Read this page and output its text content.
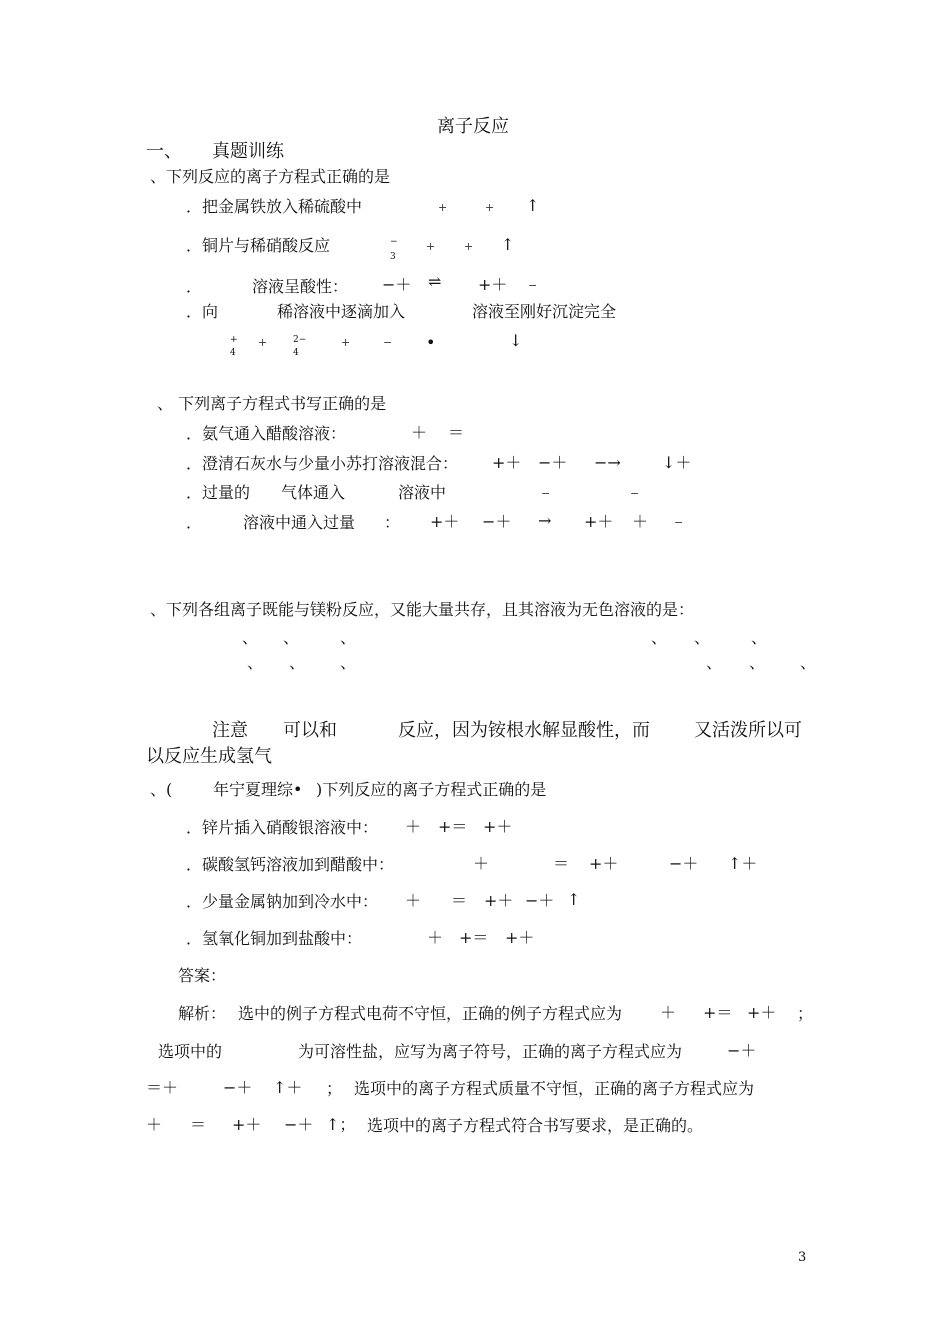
离子反应
一、 真题训练
、下列反应的离子方程式正确的是
．把金属铁放入稀硫酸中	+	+ ↑
．铜片与稀硝酸反应	−
3
+	+ ↑
．	溶液呈酸性： −＋ ⇌ +＋ −
．向	稀溶液中逐滴加入	溶液至刚好沉淀完全
+
4
+	2−
4
+	− •	↓
、 下列离子方程式书写正确的是
．氨气通入醋酸溶液：	＋ ＝
．澄清石灰水与少量小苏打溶液混合： +＋ −＋ −→	↓＋
．过量的 气体通入	溶液中	−	−
．	溶液中通入过量 ： +＋ −＋ → +＋ ＋ −
、下列各组离子既能与镁粉反应，又能大量共存，且其溶液为无色溶液的是：
、 、	、	、 、	、
、 、 、	、 、 、
注意 可以和	反应，因为铵根水解显酸性，而 又活泼所以可
以反应生成氢气
、(	年宁夏理综• )下列反应的离子方程式正确的是
．锌片插入硝酸银溶液中： ＋ +＝ +＋
．碳酸氢钙溶液加到醋酸中：	＋	＝ +＋	−＋ ↑＋
．少量金属钠加到冷水中： ＋ ＝ +＋ −＋ ↑
．氢氧化铜加到盐酸中：	＋ +＝ +＋
答案：
解析： 选中的例子方程式电荷不守恒，正确的例子方程式应为 ＋ +＝ +＋ ；
选项中的	为可溶性盐，应写为离子符号，正确的离子方程式应为	−＋
＝＋	−＋ ↑＋ ； 选项中的离子方程式质量不守恒，正确的离子方程式应为
＋ ＝ +＋ −＋ ↑； 选项中的离子方程式符合书写要求，是正确的。
3
